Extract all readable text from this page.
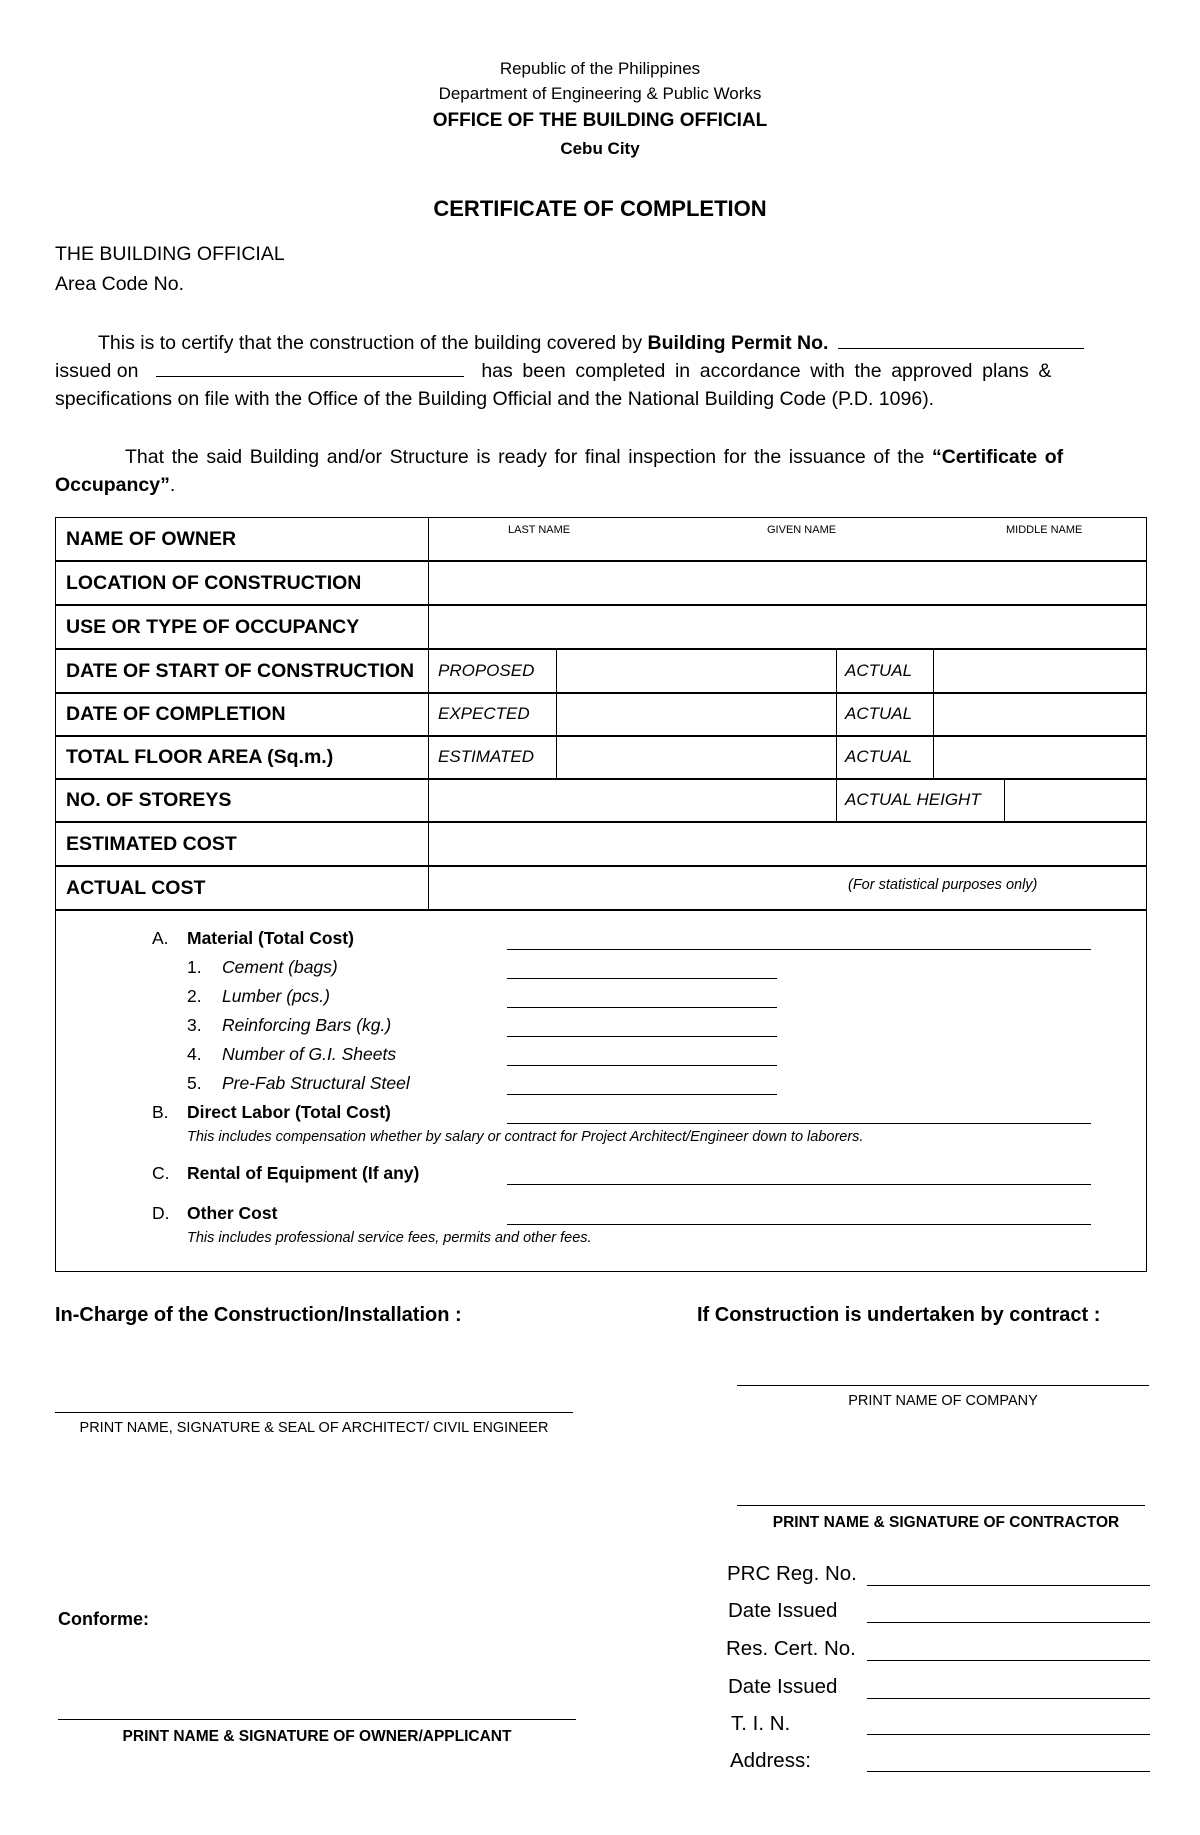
Republic of the Philippines
Department of Engineering & Public Works
OFFICE OF THE BUILDING OFFICIAL
Cebu City
CERTIFICATE OF COMPLETION
THE BUILDING OFFICIAL
Area Code No.
This is to certify that the construction of the building covered by Building Permit No.
issued on	has been completed in accordance with the approved plans &
specifications on file with the Office of the Building Official and the National Building Code (P.D. 1096).
That the said Building and/or Structure is ready for final inspection for the issuance of the “Certificate of
Occupancy”.
NAME OF OWNER	LAST NAME	GIVEN NAME	MIDDLE NAME
LOCATION OF CONSTRUCTION
USE OR TYPE OF OCCUPANCY
DATE OF START OF CONSTRUCTION	PROPOSED	ACTUAL
DATE OF COMPLETION	EXPECTED	ACTUAL
TOTAL FLOOR AREA (Sq.m.)	ESTIMATED	ACTUAL
NO. OF STOREYS	ACTUAL HEIGHT
ESTIMATED COST
ACTUAL COST	(For statistical purposes only)
A. Material (Total Cost)
1. Cement (bags)
2. Lumber (pcs.)
3. Reinforcing Bars (kg.)
4. Number of G.I. Sheets
5. Pre-Fab Structural Steel
B. Direct Labor (Total Cost)
This includes compensation whether by salary or contract for Project Architect/Engineer down to laborers.
C. Rental of Equipment (If any)
D. Other Cost
This includes professional service fees, permits and other fees.
In-Charge of the Construction/Installation :	If Construction is undertaken by contract :
PRINT NAME, SIGNATURE & SEAL OF ARCHITECT/ CIVIL ENGINEER
PRINT NAME OF COMPANY
PRINT NAME & SIGNATURE OF CONTRACTOR
Conforme:
PRINT NAME & SIGNATURE OF OWNER/APPLICANT
PRC Reg. No.
Date Issued
Res. Cert. No.
Date Issued
T. I. N.
Address:
